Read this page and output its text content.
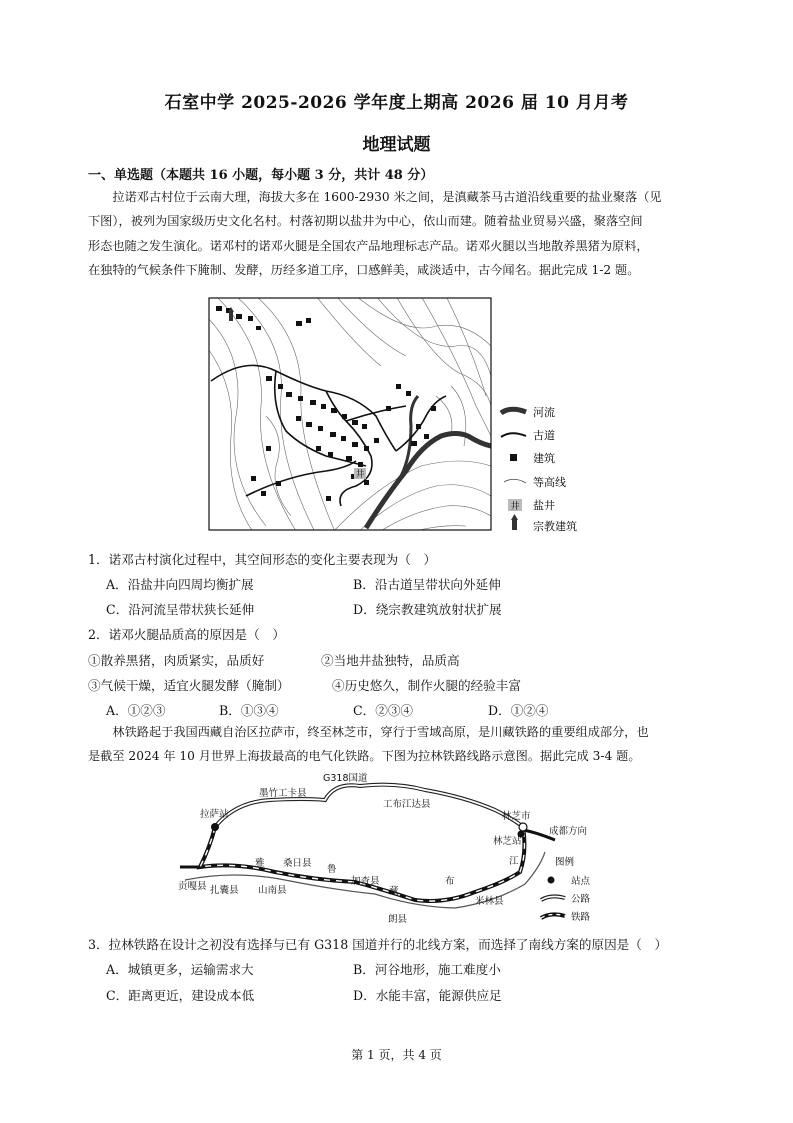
石室中学 2025-2026 学年度上期高 2026 届 10 月月考
地理试题
一、单选题（本题共 16 小题，每小题 3 分，共计 48 分）
拉诺邓古村位于云南大理，海拔大多在 1600-2930 米之间，是滇藏茶马古道沿线重要的盐业聚落（见
下图），被列为国家级历史文化名村。村落初期以盐井为中心，依山而建。随着盐业贸易兴盛，聚落空间
形态也随之发生演化。诺邓村的诺邓火腿是全国农产品地理标志产品。诺邓火腿以当地散养黑猪为原料，
在独特的气候条件下腌制、发酵，历经多道工序，口感鲜美，咸淡适中，古今闻名。据此完成 1-2 题。
井
河流
古道
建筑
等高线
井 盐井
宗教建筑
1．诺邓古村演化过程中，其空间形态的变化主要表现为（　）
A．沿盐井向四周均衡扩展	B．沿古道呈带状向外延伸
C．沿河流呈带状狭长延伸	D．绕宗教建筑放射状扩展
2．诺邓火腿品质高的原因是（　）
①散养黑猪，肉质紧实，品质好	②当地井盐独特，品质高
③气候干燥，适宜火腿发酵（腌制）	④历史悠久，制作火腿的经验丰富
A．①②③	B．①③④	C．②③④	D．①②④
林铁路起于我国西藏自治区拉萨市，终至林芝市，穿行于雪域高原，是川藏铁路的重要组成部分，也
是截至 2024 年 10 月世界上海拔最高的电气化铁路。下图为拉林铁路线路示意图。据此完成 3-4 题。
G318国道
墨竹工卡县
工布江达县
拉萨站	林芝市
林芝站
成都方向
贡嘎县 扎囊县 山南县
桑日县
加查县
朗县
米林县
雅
鲁
藏
布
江	图例
站点
公路
铁路
3．拉林铁路在设计之初没有选择与已有 G318 国道并行的北线方案，而选择了南线方案的原因是（　）
A．城镇更多，运输需求大	B．河谷地形，施工难度小
C．距离更近，建设成本低	D．水能丰富，能源供应足
第 1 页，共 4 页
